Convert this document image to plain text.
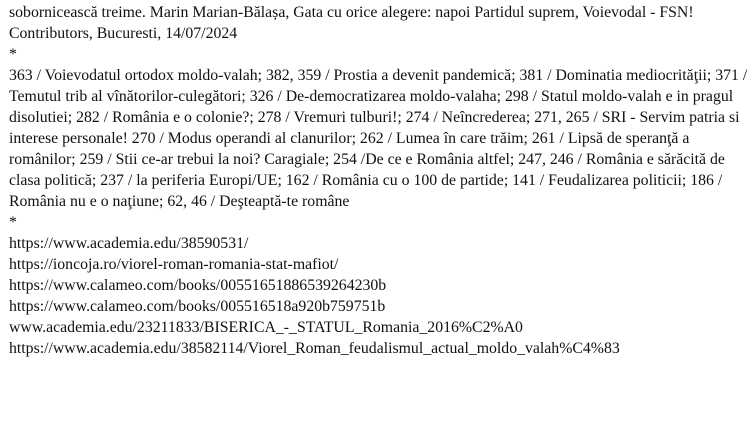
sobornicească treime. Marin Marian-Bălașa, Gata cu orice alegere: napoi Partidul suprem, Voievodal - FSN! Contributors, Bucuresti, 14/07/2024

*

363 / Voievodatul ortodox moldo-valah; 382, 359 / Prostia a devenit pandemică; 381 / Dominatia mediocrităţii; 371 / Temutul trib al vînătorilor-culegători; 326 / De-democratizarea moldo-valaha; 298 / Statul moldo-valah e in pragul disolutiei; 282 / România e o colonie?; 278 / Vremuri tulburi!; 274 / Neîncrederea; 271, 265 / SRI - Servim patria si interese personale! 270 / Modus operandi al clanurilor; 262 / Lumea în care trăim; 261 / Lipsă de speranţă a românilor; 259 / Stii ce-ar trebui la noi? Caragiale; 254 /De ce e România altfel; 247, 246 / România e sărăcită de clasa politică; 237 / la periferia Europi/UE; 162 / România cu o 100 de partide; 141 / Feudalizarea politicii; 186 / România nu e o naţiune; 62, 46 / Deşteaptă-te române

*

https://www.academia.edu/38590531/
https://ioncoja.ro/viorel-roman-romania-stat-mafiot/
https://www.calameo.com/books/00551651886539264230b
https://www.calameo.com/books/005516518a920b759751b
www.academia.edu/23211833/BISERICA_-_STATUL_Romania_2016%C2%A0
https://www.academia.edu/38582114/Viorel_Roman_feudalismul_actual_moldo_valah%C4%83
